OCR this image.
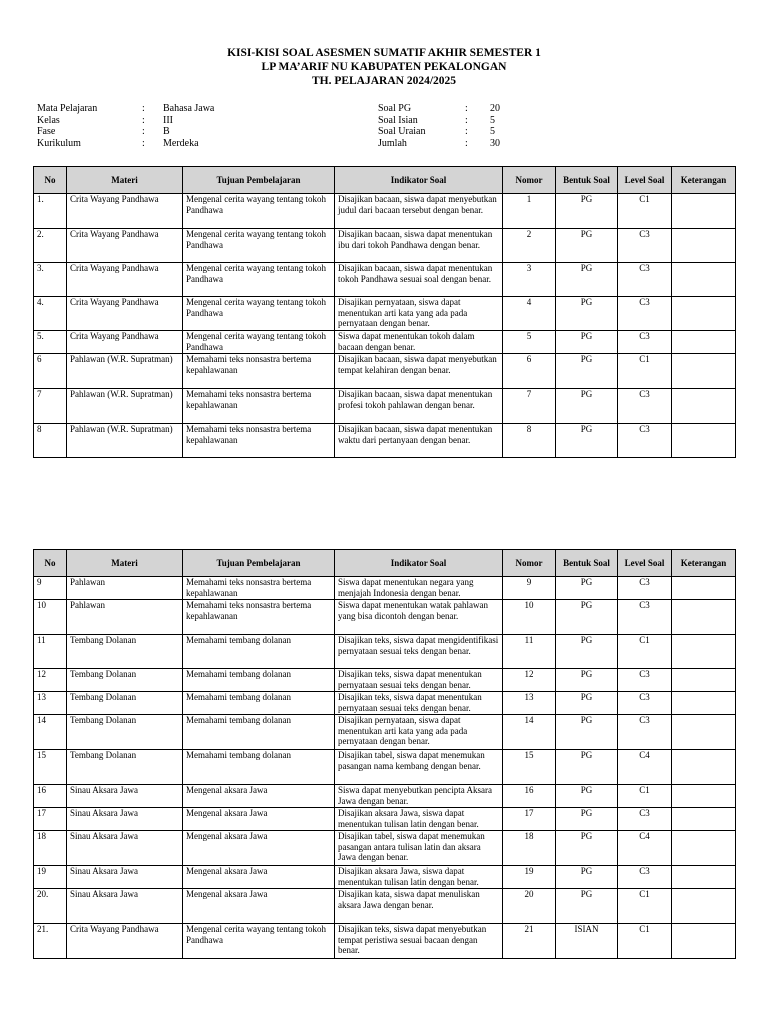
KISI-KISI SOAL ASESMEN SUMATIF AKHIR SEMESTER 1
LP MA’ARIF NU KABUPATEN PEKALONGAN
TH. PELAJARAN 2024/2025
Mata Pelajaran	: Bahasa Jawa
Kelas	: III
Fase	: B
Kurikulum	: Merdeka
Soal PG	: 20
Soal Isian	: 5
Soal Uraian	: 5
Jumlah	: 30
No	Materi	Tujuan Pembelajaran	Indikator Soal	Nomor	Bentuk Soal	Level Soal	Keterangan
1.	Crita Wayang Pandhawa	Mengenal cerita wayang tentang tokoh Pandhawa	Disajikan bacaan, siswa dapat menyebutkan judul dari bacaan tersebut dengan benar.	1	PG	C1	
2.	Crita Wayang Pandhawa	Mengenal cerita wayang tentang tokoh Pandhawa	Disajikan bacaan, siswa dapat menentukan ibu dari tokoh Pandhawa dengan benar.	2	PG	C3	
3.	Crita Wayang Pandhawa	Mengenal cerita wayang tentang tokoh Pandhawa	Disajikan bacaan, siswa dapat menentukan tokoh Pandhawa sesuai soal dengan benar.	3	PG	C3	
4.	Crita Wayang Pandhawa	Mengenal cerita wayang tentang tokoh Pandhawa	Disajikan pernyataan, siswa dapat menentukan arti kata yang ada pada pernyataan dengan benar.	4	PG	C3	
5.	Crita Wayang Pandhawa	Mengenal cerita wayang tentang tokoh Pandhawa	Siswa dapat menentukan tokoh dalam bacaan dengan benar.	5	PG	C3	
6	Pahlawan (W.R. Supratman)	Memahami teks nonsastra bertema kepahlawanan	Disajikan bacaan, siswa dapat menyebutkan tempat kelahiran dengan benar.	6	PG	C1	
7	Pahlawan (W.R. Supratman)	Memahami teks nonsastra bertema kepahlawanan	Disajikan bacaan, siswa dapat menentukan profesi tokoh pahlawan dengan benar.	7	PG	C3	
8	Pahlawan (W.R. Supratman)	Memahami teks nonsastra bertema kepahlawanan	Disajikan bacaan, siswa dapat menentukan waktu dari pertanyaan dengan benar.	8	PG	C3	
No	Materi	Tujuan Pembelajaran	Indikator Soal	Nomor	Bentuk Soal	Level Soal	Keterangan
9	Pahlawan	Memahami teks nonsastra bertema kepahlawanan	Siswa dapat menentukan negara yang menjajah Indonesia dengan benar.	9	PG	C3	
10	Pahlawan	Memahami teks nonsastra bertema kepahlawanan	Siswa dapat menentukan watak pahlawan yang bisa dicontoh dengan benar.	10	PG	C3	
11	Tembang Dolanan	Memahami tembang dolanan	Disajikan teks, siswa dapat mengidentifikasi pernyataan sesuai teks dengan benar.	11	PG	C1	
12	Tembang Dolanan	Memahami tembang dolanan	Disajikan teks, siswa dapat menentukan pernyataan sesuai teks dengan benar.	12	PG	C3	
13	Tembang Dolanan	Memahami tembang dolanan	Disajikan teks, siswa dapat menentukan pernyataan sesuai teks dengan benar.	13	PG	C3	
14	Tembang Dolanan	Memahami tembang dolanan	Disajikan pernyataan, siswa dapat menentukan arti kata yang ada pada pernyataan dengan benar.	14	PG	C3	
15	Tembang Dolanan	Memahami tembang dolanan	Disajikan tabel, siswa dapat menemukan pasangan nama kembang dengan benar.	15	PG	C4	
16	Sinau Aksara Jawa	Mengenal aksara Jawa	Siswa dapat menyebutkan pencipta Aksara Jawa dengan benar.	16	PG	C1	
17	Sinau Aksara Jawa	Mengenal aksara Jawa	Disajikan aksara Jawa, siswa dapat menentukan tulisan latin dengan benar.	17	PG	C3	
18	Sinau Aksara Jawa	Mengenal aksara Jawa	Disajikan tabel, siswa dapat menemukan pasangan antara tulisan latin dan aksara Jawa dengan benar.	18	PG	C4	
19	Sinau Aksara Jawa	Mengenal aksara Jawa	Disajikan aksara Jawa, siswa dapat menentukan tulisan latin dengan benar.	19	PG	C3	
20.	Sinau Aksara Jawa	Mengenal aksara Jawa	Disajikan kata, siswa dapat menuliskan aksara Jawa dengan benar.	20	PG	C1	
21.	Crita Wayang Pandhawa	Mengenal cerita wayang tentang tokoh Pandhawa	Disajikan teks, siswa dapat menyebutkan tempat peristiwa sesuai bacaan dengan benar.	21	ISIAN	C1	
